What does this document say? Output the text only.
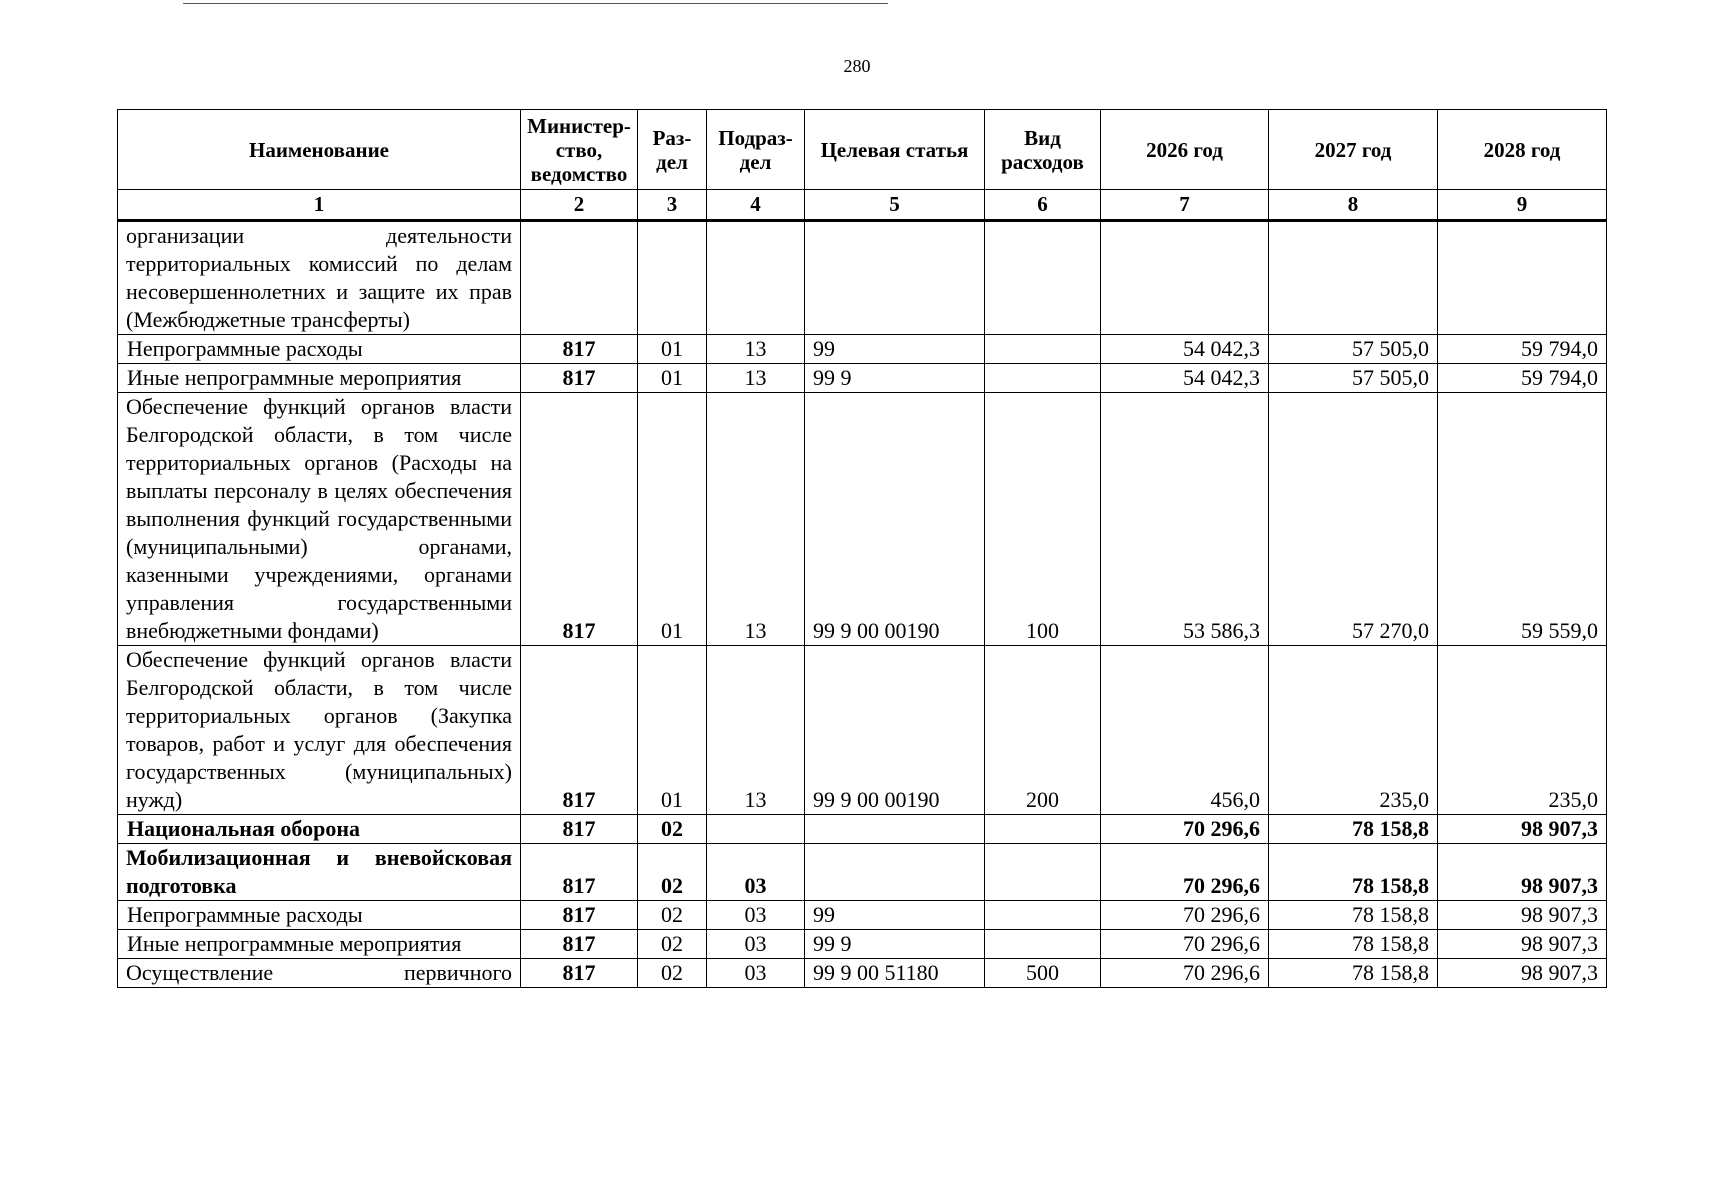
280
Наименование	Министер-ство, ведомство	Раз-дел	Подраз-дел	Целевая статья	Вид расходов	2026 год	2027 год	2028 год
1	2	3	4	5	6	7	8	9
организации деятельности территориальных комиссий по делам несовершеннолетних и защите их прав (Межбюджетные трансферты)								
Непрограммные расходы	817	01	13	99		54 042,3	57 505,0	59 794,0
Иные непрограммные мероприятия	817	01	13	99 9		54 042,3	57 505,0	59 794,0
Обеспечение функций органов власти Белгородской области, в том числе территориальных органов (Расходы на выплаты персоналу в целях обеспечения выполнения функций государственными (муниципальными) органами, казенными учреждениями, органами управления государственными внебюджетными фондами)	817	01	13	99 9 00 00190	100	53 586,3	57 270,0	59 559,0
Обеспечение функций органов власти Белгородской области, в том числе территориальных органов (Закупка товаров, работ и услуг для обеспечения государственных (муниципальных) нужд)	817	01	13	99 9 00 00190	200	456,0	235,0	235,0
Национальная оборона	817	02				70 296,6	78 158,8	98 907,3
Мобилизационная и вневойсковая подготовка	817	02	03			70 296,6	78 158,8	98 907,3
Непрограммные расходы	817	02	03	99		70 296,6	78 158,8	98 907,3
Иные непрограммные мероприятия	817	02	03	99 9		70 296,6	78 158,8	98 907,3
Осуществление первичного	817	02	03	99 9 00 51180	500	70 296,6	78 158,8	98 907,3
